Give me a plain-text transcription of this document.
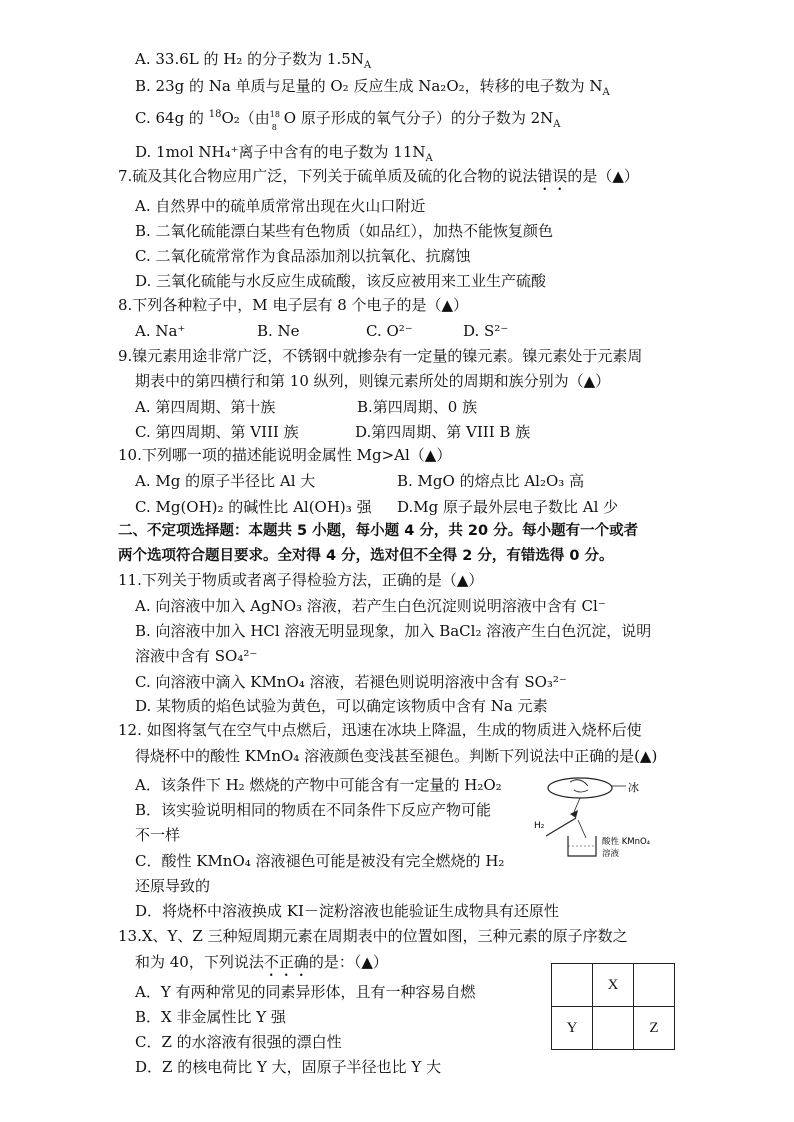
A. 33.6L 的 H₂ 的分子数为 $1.5N_A$
B. 23g 的 Na 单质与足量的 O₂ 反应生成 Na₂O₂，转移的电子数为 $N_A$
C. 64g 的 $^{18}$O₂（由 18
8
O 原子形成的氧气分子）的分子数为 $2N_A$
D. 1mol NH₄⁺离子中含有的电子数为 $11N_A$
7.硫及其化合物应用广泛，下列关于硫单质及硫的化合物的说法错误的是（▲）
A. 自然界中的硫单质常常出现在火山口附近
B. 二氧化硫能漂白某些有色物质（如品红），加热不能恢复颜色
C. 二氧化硫常常作为食品添加剂以抗氧化、抗腐蚀
D. 三氧化硫能与水反应生成硫酸，该反应被用来工业生产硫酸
8.下列各种粒子中，M 电子层有 8 个电子的是（▲）
A. Na⁺	B. Ne	C. O²⁻	D. S²⁻
9.镍元素用途非常广泛，不锈钢中就掺杂有一定量的镍元素。镍元素处于元素周
期表中的第四横行和第 10 纵列，则镍元素所处的周期和族分别为（▲）
A. 第四周期、第十族	B.第四周期、0 族
C. 第四周期、第 VIII 族	D.第四周期、第 VIII B 族
10.下列哪一项的描述能说明金属性 Mg>Al（▲）
A. Mg 的原子半径比 Al 大	B. MgO 的熔点比 Al₂O₃ 高
C. Mg(OH)₂ 的碱性比 Al(OH)₃ 强 D.Mg 原子最外层电子数比 Al 少
二、不定项选择题：本题共 5 小题，每小题 4 分，共 20 分。每小题有一个或者
两个选项符合题目要求。全对得 4 分，选对但不全得 2 分，有错选得 0 分。
11.下列关于物质或者离子得检验方法，正确的是（▲）
A. 向溶液中加入 AgNO₃ 溶液，若产生白色沉淀则说明溶液中含有 Cl⁻
B. 向溶液中加入 HCl 溶液无明显现象，加入 BaCl₂ 溶液产生白色沉淀，说明
溶液中含有 SO₄²⁻
C. 向溶液中滴入 KMnO₄ 溶液，若褪色则说明溶液中含有 SO₃²⁻
D. 某物质的焰色试验为黄色，可以确定该物质中含有 Na 元素
12. 如图将氢气在空气中点燃后，迅速在冰块上降温，生成的物质进入烧杯后使
得烧杯中的酸性 KMnO₄ 溶液颜色变浅甚至褪色。判断下列说法中正确的是(▲)
A．该条件下 H₂ 燃烧的产物中可能含有一定量的 H₂O₂
B．该实验说明相同的物质在不同条件下反应产物可能
不一样
C．酸性 KMnO₄ 溶液褪色可能是被没有完全燃烧的 H₂
还原导致的
D．将烧杯中溶液换成 KI－淀粉溶液也能验证生成物具有还原性
冰
H₂
酸性 KMnO₄
溶液
13.X、Y、Z 三种短周期元素在周期表中的位置如图，三种元素的原子序数之
和为 40，下列说法不正确的是：（▲）
A．Y 有两种常见的同素异形体，且有一种容易自燃
B．X 非金属性比 Y 强
C．Z 的水溶液有很强的漂白性
D．Z 的核电荷比 Y 大，固原子半径也比 Y 大
	X	
Y		Z
